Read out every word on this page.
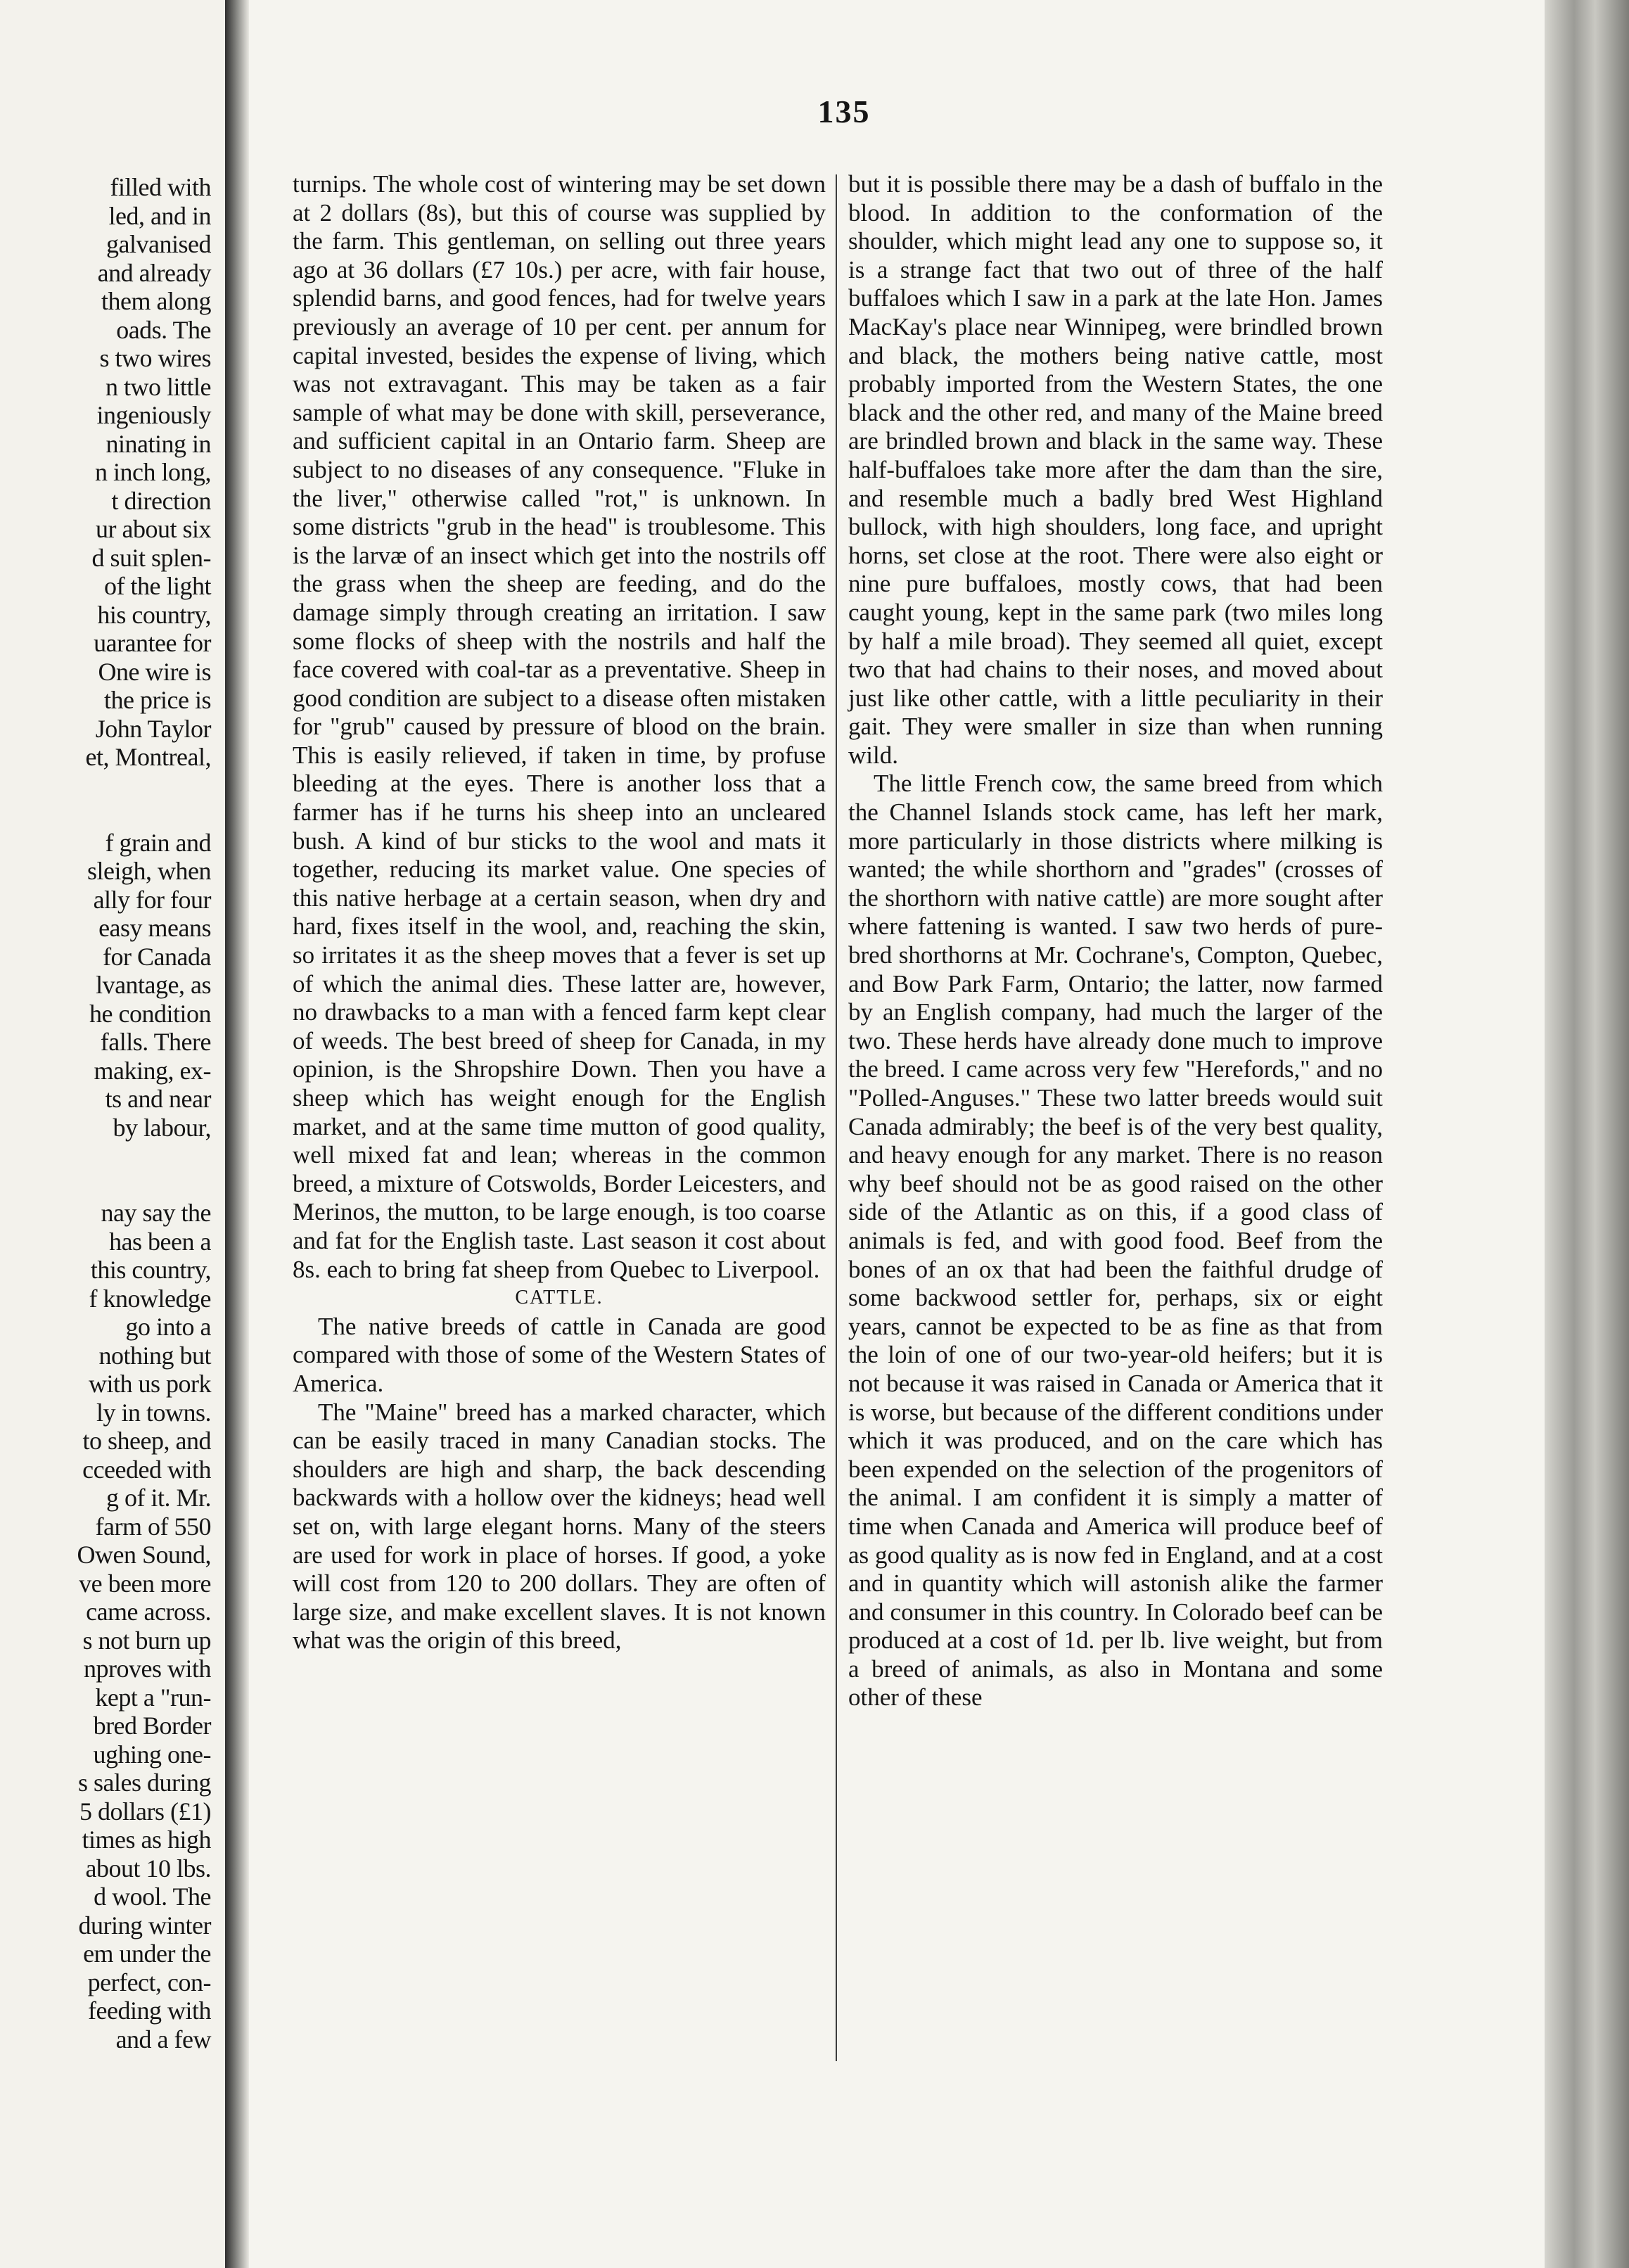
filled with
led, and in
galvanised
and already
them along
oads. The
s two wires
n two little
ingeniously
ninating in
n inch long,
t direction
ur about six
d suit splen-
of the light
his country,
uarantee for
One wire is
the price is
John Taylor
et, Montreal,
f grain and
sleigh, when
ally for four
easy means
for Canada
lvantage, as
he condition
falls. There
making, ex-
ts and near
by labour,
nay say the
has been a
this country,
f knowledge
go into a
nothing but
with us pork
ly in towns.
to sheep, and
cceeded with
g of it. Mr.
farm of 550
Owen Sound,
ve been more
came across.
s not burn up
nproves with
kept a "run-
bred Border
ughing one-
s sales during
5 dollars (£1)
times as high
about 10 lbs.
d wool. The
during winter
em under the
perfect, con-
feeding with
and a few
135

turnips. The whole cost of wintering may be set down at 2 dollars (8s), but this of course was supplied by the farm. This gentleman, on selling out three years ago at 36 dollars (£7 10s.) per acre, with fair house, splendid barns, and good fences, had for twelve years previously an average of 10 per cent. per annum for capital invested, besides the expense of living, which was not extravagant. This may be taken as a fair sample of what may be done with skill, perseverance, and sufficient capital in an Ontario farm. Sheep are subject to no diseases of any consequence. "Fluke in the liver," otherwise called "rot," is unknown. In some districts "grub in the head" is troublesome. This is the larvæ of an insect which get into the nostrils off the grass when the sheep are feeding, and do the damage simply through creating an irritation. I saw some flocks of sheep with the nostrils and half the face covered with coal-tar as a preventative. Sheep in good condition are subject to a disease often mistaken for "grub" caused by pressure of blood on the brain. This is easily relieved, if taken in time, by profuse bleeding at the eyes. There is another loss that a farmer has if he turns his sheep into an uncleared bush. A kind of bur sticks to the wool and mats it together, reducing its market value. One species of this native herbage at a certain season, when dry and hard, fixes itself in the wool, and, reaching the skin, so irritates it as the sheep moves that a fever is set up of which the animal dies. These latter are, however, no drawbacks to a man with a fenced farm kept clear of weeds. The best breed of sheep for Canada, in my opinion, is the Shropshire Down. Then you have a sheep which has weight enough for the English market, and at the same time mutton of good quality, well mixed fat and lean; whereas in the common breed, a mixture of Cotswolds, Border Leicesters, and Merinos, the mutton, to be large enough, is too coarse and fat for the English taste. Last season it cost about 8s. each to bring fat sheep from Quebec to Liverpool.

CATTLE.

The native breeds of cattle in Canada are good compared with those of some of the Western States of America.

The "Maine" breed has a marked character, which can be easily traced in many Canadian stocks. The shoulders are high and sharp, the back descending backwards with a hollow over the kidneys; head well set on, with large elegant horns. Many of the steers are used for work in place of horses. If good, a yoke will cost from 120 to 200 dollars. They are often of large size, and make excellent slaves. It is not known what was the origin of this breed,

but it is possible there may be a dash of buffalo in the blood. In addition to the conformation of the shoulder, which might lead any one to suppose so, it is a strange fact that two out of three of the half buffaloes which I saw in a park at the late Hon. James MacKay's place near Winnipeg, were brindled brown and black, the mothers being native cattle, most probably imported from the Western States, the one black and the other red, and many of the Maine breed are brindled brown and black in the same way. These half-buffaloes take more after the dam than the sire, and resemble much a badly bred West Highland bullock, with high shoulders, long face, and upright horns, set close at the root. There were also eight or nine pure buffaloes, mostly cows, that had been caught young, kept in the same park (two miles long by half a mile broad). They seemed all quiet, except two that had chains to their noses, and moved about just like other cattle, with a little peculiarity in their gait. They were smaller in size than when running wild.

The little French cow, the same breed from which the Channel Islands stock came, has left her mark, more particularly in those districts where milking is wanted; the while shorthorn and "grades" (crosses of the shorthorn with native cattle) are more sought after where fattening is wanted. I saw two herds of pure-bred shorthorns at Mr. Cochrane's, Compton, Quebec, and Bow Park Farm, Ontario; the latter, now farmed by an English company, had much the larger of the two. These herds have already done much to improve the breed. I came across very few "Herefords," and no "Polled-Anguses." These two latter breeds would suit Canada admirably; the beef is of the very best quality, and heavy enough for any market. There is no reason why beef should not be as good raised on the other side of the Atlantic as on this, if a good class of animals is fed, and with good food. Beef from the bones of an ox that had been the faithful drudge of some backwood settler for, perhaps, six or eight years, cannot be expected to be as fine as that from the loin of one of our two-year-old heifers; but it is not because it was raised in Canada or America that it is worse, but because of the different conditions under which it was produced, and on the care which has been expended on the selection of the progenitors of the animal. I am confident it is simply a matter of time when Canada and America will produce beef of as good quality as is now fed in England, and at a cost and in quantity which will astonish alike the farmer and consumer in this country. In Colorado beef can be produced at a cost of 1d. per lb. live weight, but from a breed of animals, as also in Montana and some other of these
